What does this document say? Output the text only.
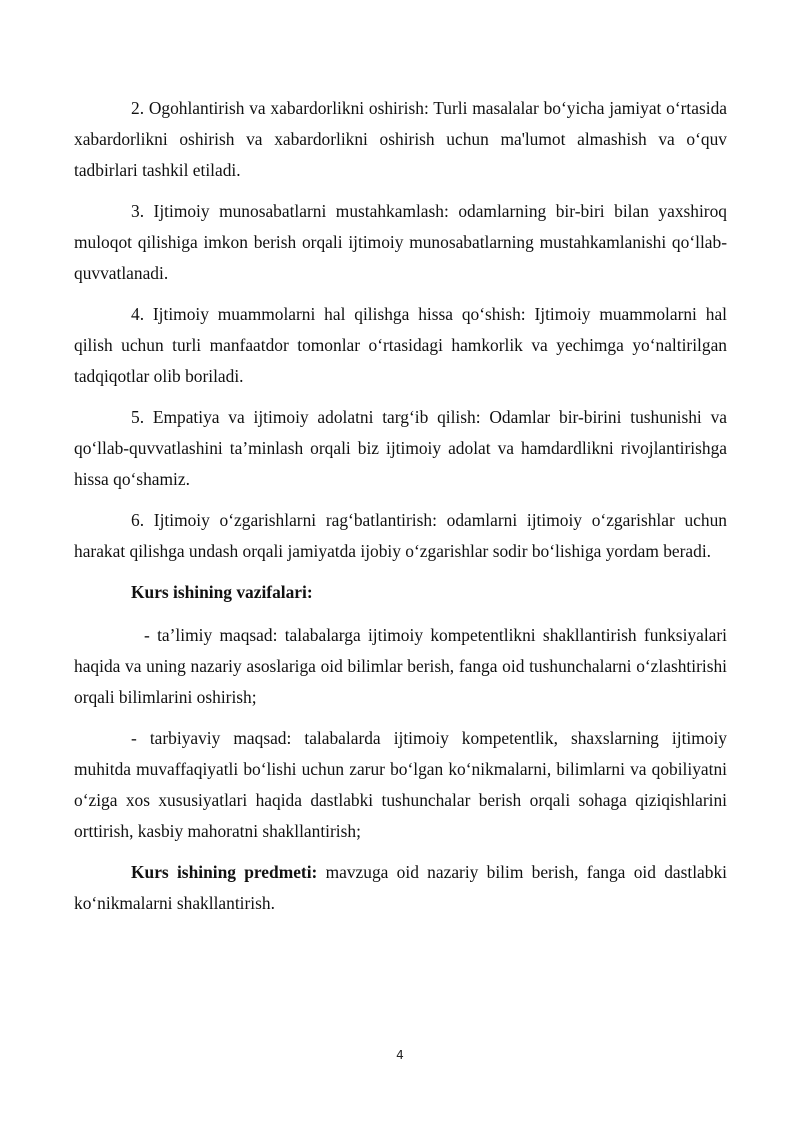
2. Ogohlantirish va xabardorlikni oshirish: Turli masalalar bo‘yicha jamiyat o‘rtasida xabardorlikni oshirish va xabardorlikni oshirish uchun ma'lumot almashish va o‘quv tadbirlari tashkil etiladi.

3. Ijtimoiy munosabatlarni mustahkamlash: odamlarning bir-biri bilan yaxshiroq muloqot qilishiga imkon berish orqali ijtimoiy munosabatlarning mustahkamlanishi qo‘llab-quvvatlanadi.

4. Ijtimoiy muammolarni hal qilishga hissa qo‘shish: Ijtimoiy muammolarni hal qilish uchun turli manfaatdor tomonlar o‘rtasidagi hamkorlik va yechimga yo‘naltirilgan tadqiqotlar olib boriladi.

5. Empatiya va ijtimoiy adolatni targ‘ib qilish: Odamlar bir-birini tushunishi va qo‘llab-quvvatlashini ta’minlash orqali biz ijtimoiy adolat va hamdardlikni rivojlantirishga hissa qo‘shamiz.

6. Ijtimoiy o‘zgarishlarni rag‘batlantirish: odamlarni ijtimoiy o‘zgarishlar uchun harakat qilishga undash orqali jamiyatda ijobiy o‘zgarishlar sodir bo‘lishiga yordam beradi.

Kurs ishining vazifalari:

- ta’limiy maqsad: talabalarga ijtimoiy kompetentlikni shakllantirish funksiyalari haqida va uning nazariy asoslariga oid bilimlar berish, fanga oid tushunchalarni o‘zlashtirishi orqali bilimlarini oshirish;

- tarbiyaviy maqsad: talabalarda ijtimoiy kompetentlik, shaxslarning ijtimoiy muhitda muvaffaqiyatli bo‘lishi uchun zarur bo‘lgan ko‘nikmalarni, bilimlarni va qobiliyatni o‘ziga xos xususiyatlari haqida dastlabki tushunchalar berish orqali sohaga qiziqishlarini orttirish, kasbiy mahoratni shakllantirish;

Kurs ishining predmeti: mavzuga oid nazariy bilim berish, fanga oid dastlabki ko‘nikmalarni shakllantirish.

4
